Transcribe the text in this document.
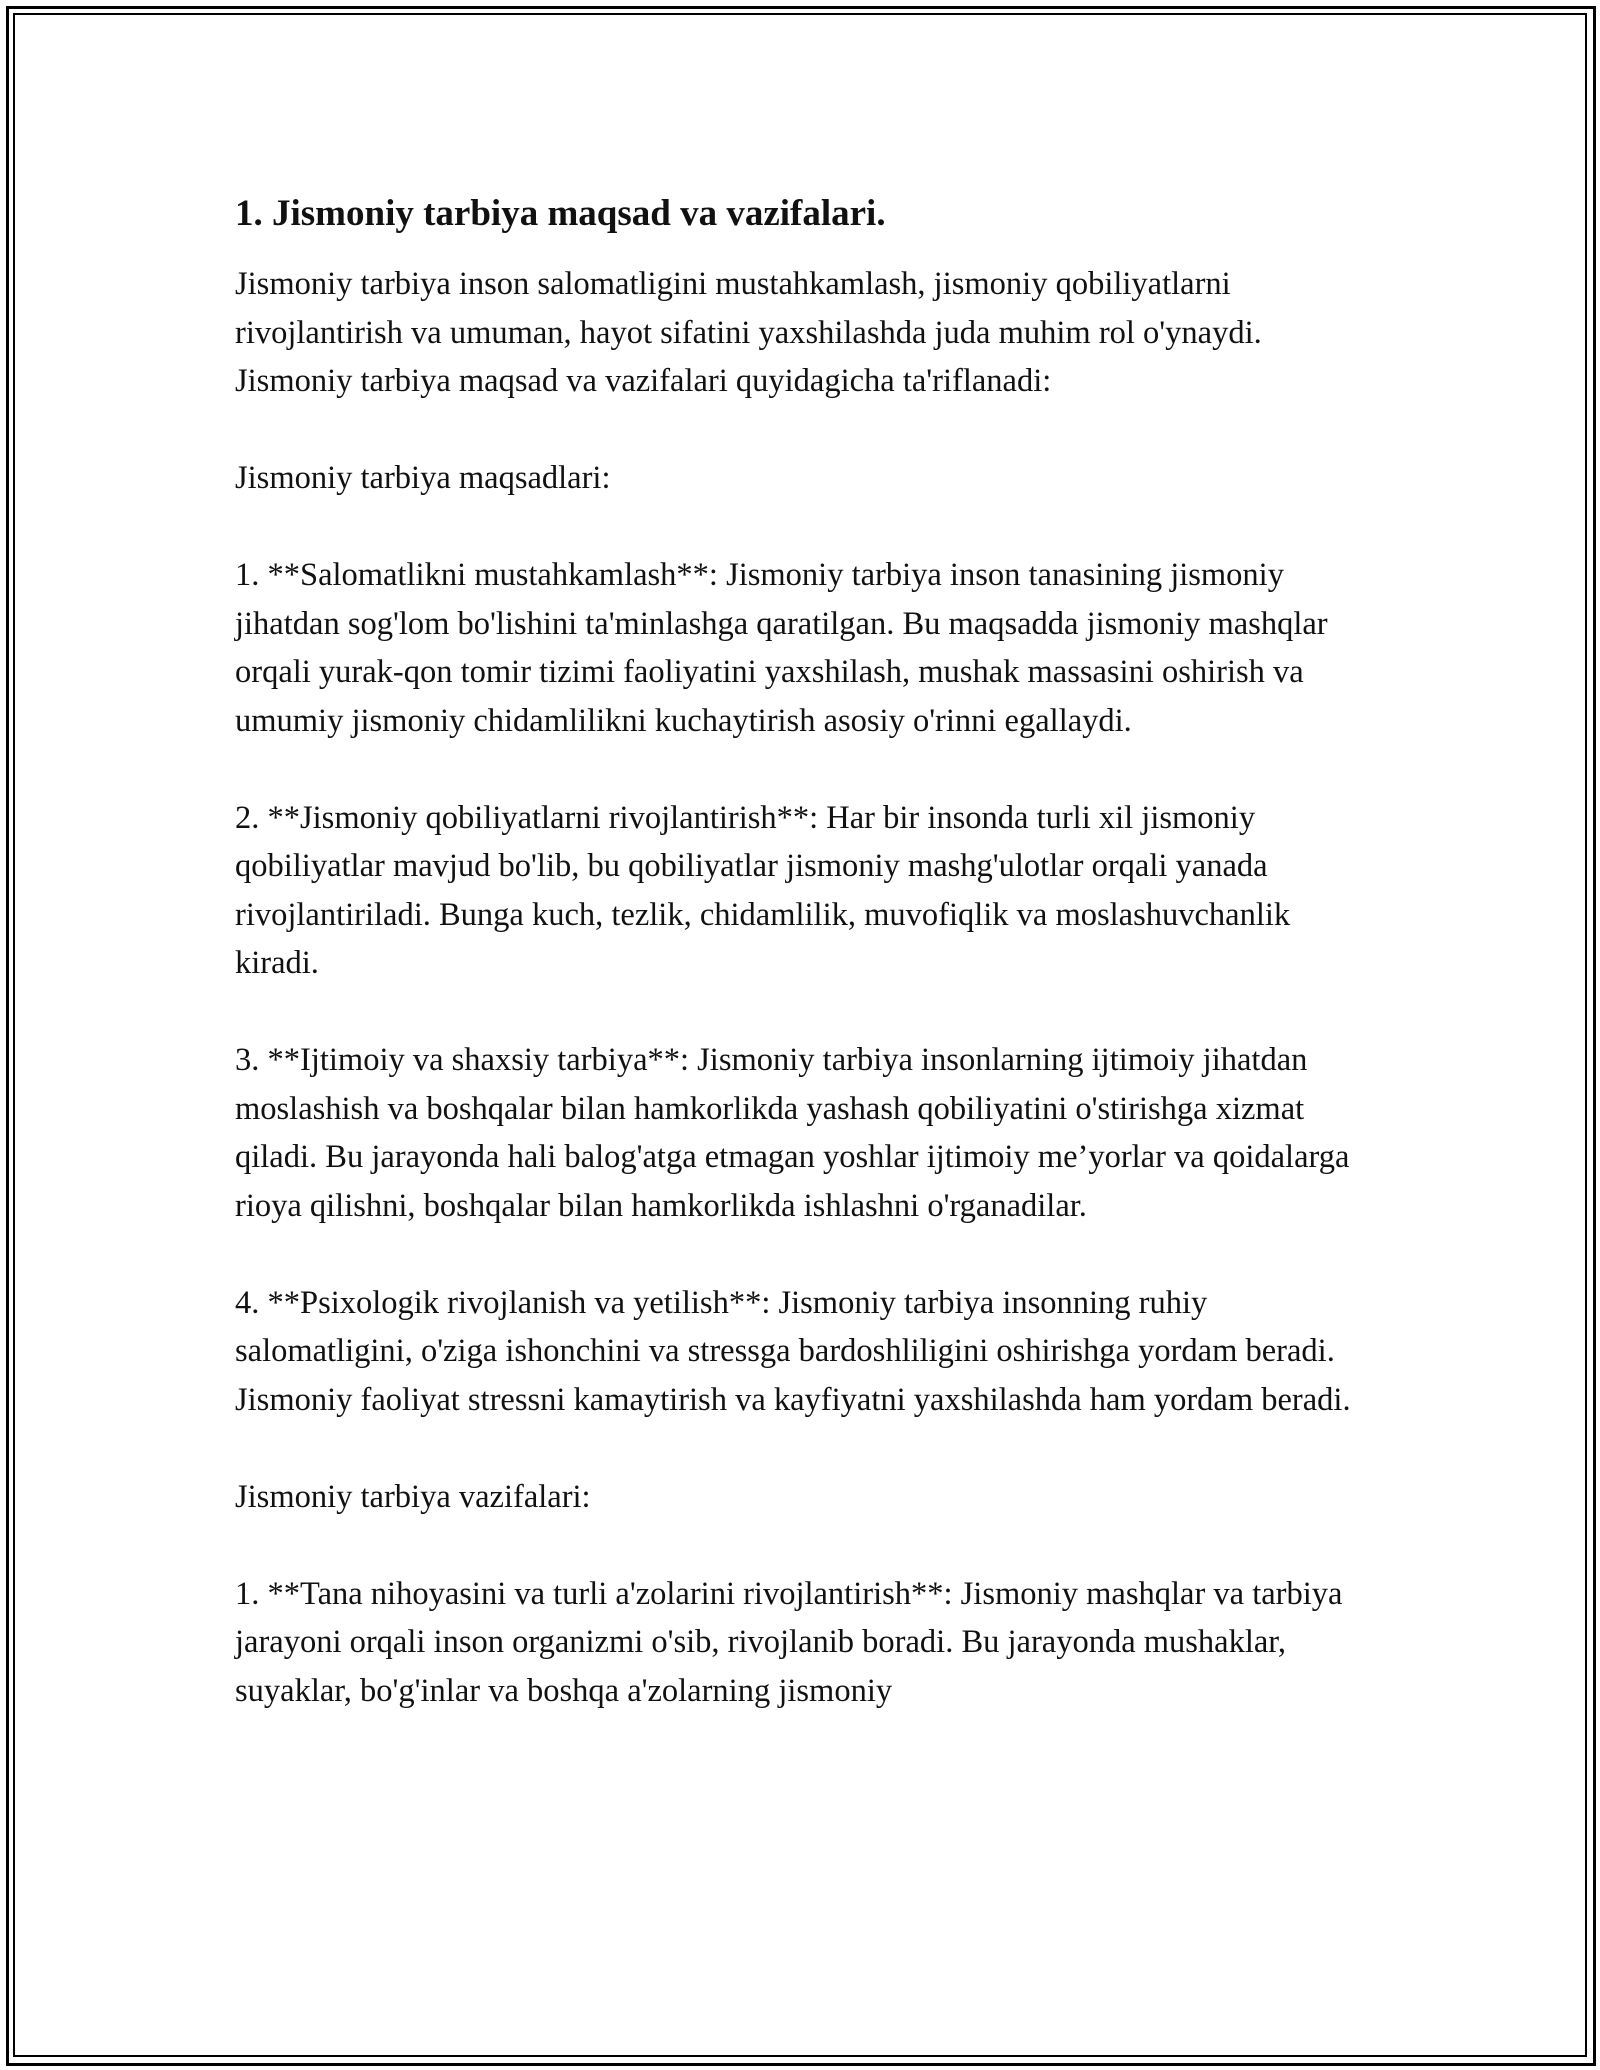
1. Jismoniy tarbiya maqsad va vazifalari.

Jismoniy tarbiya inson salomatligini mustahkamlash, jismoniy qobiliyatlarni rivojlantirish va umuman, hayot sifatini yaxshilashda juda muhim rol o'ynaydi. Jismoniy tarbiya maqsad va vazifalari quyidagicha ta'riflanadi:

Jismoniy tarbiya maqsadlari:

1. **Salomatlikni mustahkamlash**: Jismoniy tarbiya inson tanasining jismoniy jihatdan sog'lom bo'lishini ta'minlashga qaratilgan. Bu maqsadda jismoniy mashqlar orqali yurak-qon tomir tizimi faoliyatini yaxshilash, mushak massasini oshirish va umumiy jismoniy chidamlilikni kuchaytirish asosiy o'rinni egallaydi.

2. **Jismoniy qobiliyatlarni rivojlantirish**: Har bir insonda turli xil jismoniy qobiliyatlar mavjud bo'lib, bu qobiliyatlar jismoniy mashg'ulotlar orqali yanada rivojlantiriladi. Bunga kuch, tezlik, chidamlilik, muvofiqlik va moslashuvchanlik kiradi.

3. **Ijtimoiy va shaxsiy tarbiya**: Jismoniy tarbiya insonlarning ijtimoiy jihatdan moslashish va boshqalar bilan hamkorlikda yashash qobiliyatini o'stirishga xizmat qiladi. Bu jarayonda hali balog'atga etmagan yoshlar ijtimoiy me’yorlar va qoidalarga rioya qilishni, boshqalar bilan hamkorlikda ishlashni o'rganadilar.

4. **Psixologik rivojlanish va yetilish**: Jismoniy tarbiya insonning ruhiy salomatligini, o'ziga ishonchini va stressga bardoshliligini oshirishga yordam beradi. Jismoniy faoliyat stressni kamaytirish va kayfiyatni yaxshilashda ham yordam beradi.

Jismoniy tarbiya vazifalari:

1. **Tana nihoyasini va turli a'zolarini rivojlantirish**: Jismoniy mashqlar va tarbiya jarayoni orqali inson organizmi o'sib, rivojlanib boradi. Bu jarayonda mushaklar, suyaklar, bo'g'inlar va boshqa a'zolarning jismoniy
